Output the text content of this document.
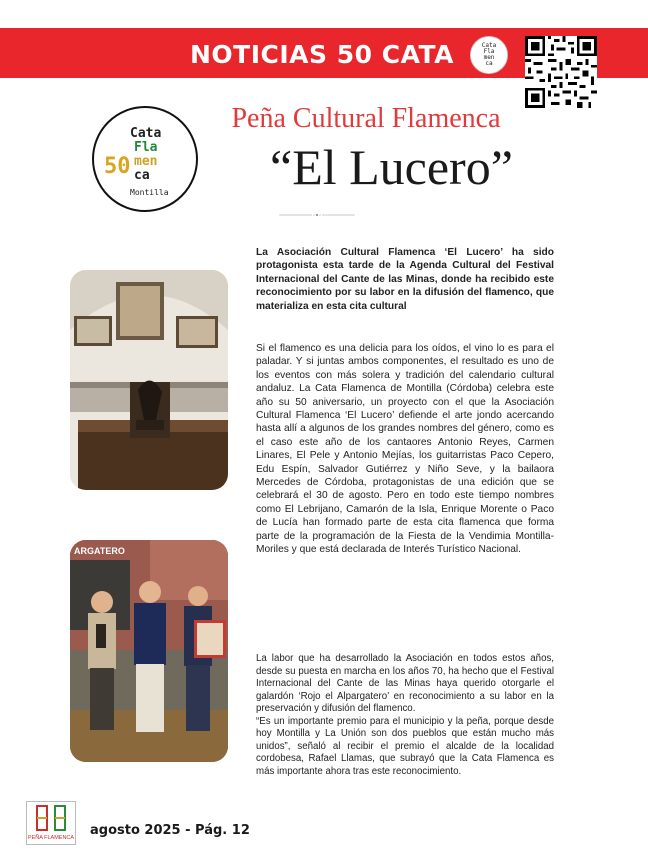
NOTICIAS 50 CATA	Cata
Fla
men
ca
Cata
Fla
men
ca
50
Montilla
Peña Cultural Flamenca
“El Lucero”
La Asociación Cultural Flamenca ‘El Lucero’ ha sido protagonista esta tarde de la Agenda Cultural del Festival Internacional del Cante de las Minas, donde ha recibido este reconocimiento por su labor en la difusión del flamenco, que materializa en esta cita cultural
Si el flamenco es una delicia para los oídos, el vino lo es para el paladar. Y si juntas ambos componentes, el resultado es uno de los eventos con más solera y tradición del calendario cultural andaluz. La Cata Flamenca de Montilla (Córdoba) celebra este año su 50 aniversario, un proyecto con el que la Asociación Cultural Flamenca ‘El Lucero’ defiende el arte jondo acercando hasta allí a algunos de los grandes nombres del género, como es el caso este año de los cantaores Antonio Reyes, Carmen Linares, El Pele y Antonio Mejías, los guitarristas Paco Cepero, Edu Espín, Salvador Gutiérrez y Niño Seve, y la bailaora Mercedes de Córdoba, protagonistas de una edición que se celebrará el 30 de agosto. Pero en todo este tiempo nombres como El Lebrijano, Camarón de la Isla, Enrique Morente o Paco de Lucía han formado parte de esta cita flamenca que forma parte de la programación de la Fiesta de la Vendimia Montilla-Moriles y que está declarada de Interés Turístico Nacional.

La labor que ha desarrollado la Asociación en todos estos años, desde su puesta en marcha en los años 70, ha hecho que el Festival Internacional del Cante de las Minas haya querido otorgarle el galardón ‘Rojo el Alpargatero’ en reconocimiento a su labor en la preservación y difusión del flamenco.

“Es un importante premio para el municipio y la peña, porque desde hoy Montilla y La Unión son dos pueblos que están mucho más unidos”, señaló al recibir el premio el alcalde de la localidad cordobesa, Rafael Llamas, que subrayó que la Cata Flamenca es más importante ahora tras este reconocimiento.

ARGATERO
PEÑA FLAMENCA agosto 2025 - Pág. 12
